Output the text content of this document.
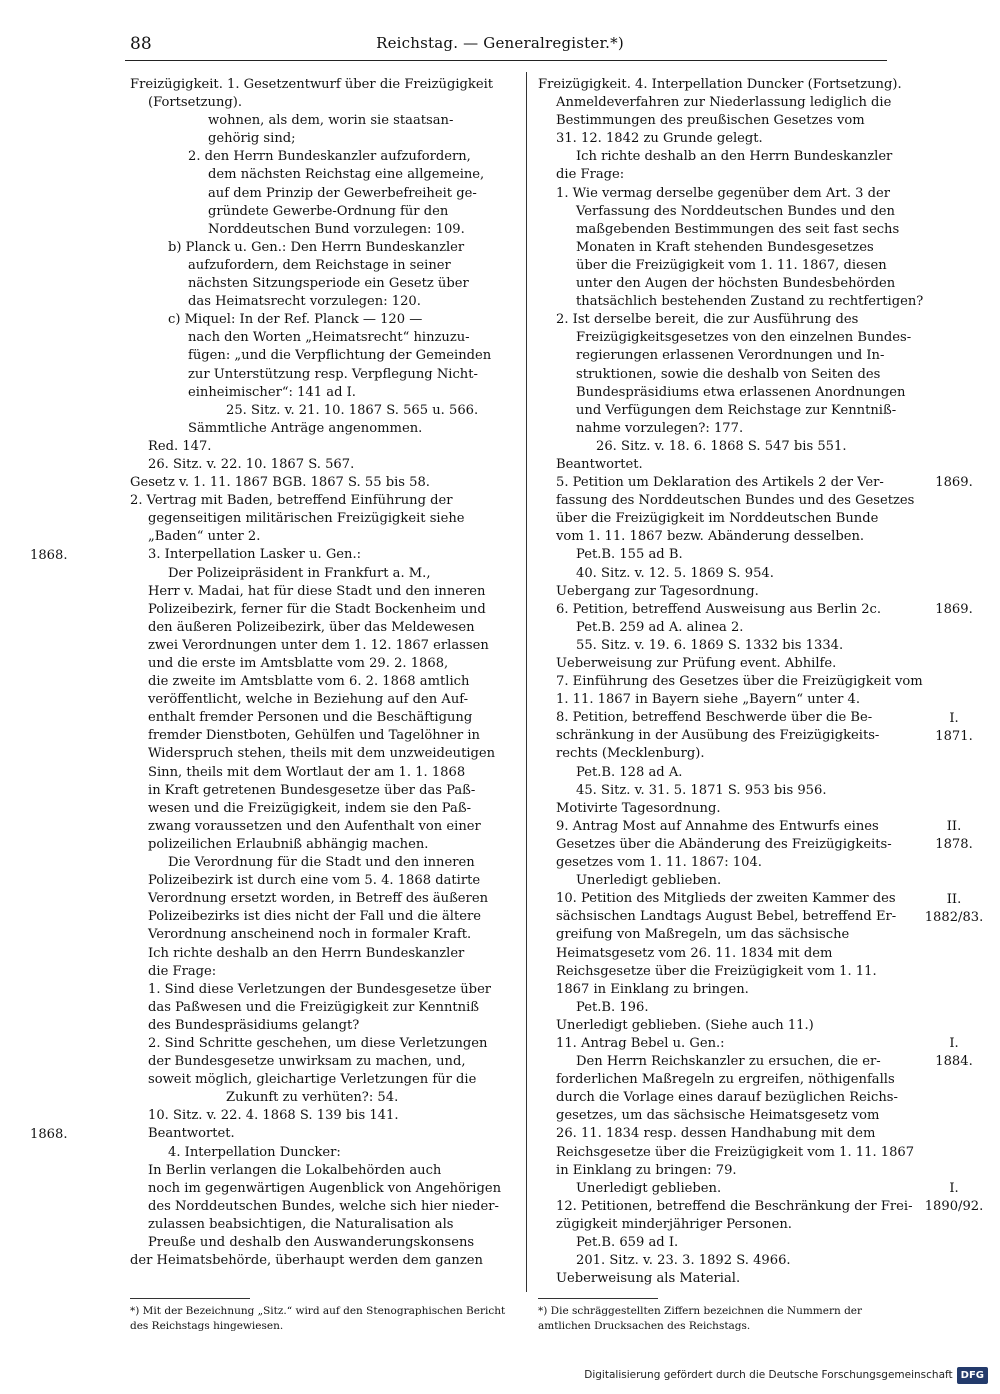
88	Reichstag. — Generalregister.*)
Freizügigkeit. 1. Gesetzentwurf über die Freizügigkeit
(Fortsetzung).
wohnen, als dem, worin sie staatsan-
gehörig sind;
2. den Herrn Bundeskanzler aufzufordern,
dem nächsten Reichstag eine allgemeine,
auf dem Prinzip der Gewerbefreiheit ge-
gründete Gewerbe-Ordnung für den
Norddeutschen Bund vorzulegen: 109.
b) Planck u. Gen.: Den Herrn Bundeskanzler
aufzufordern, dem Reichstage in seiner
nächsten Sitzungsperiode ein Gesetz über
das Heimatsrecht vorzulegen: 120.
c) Miquel: In der Ref. Planck — 120 —
nach den Worten „Heimatsrecht“ hinzuzu-
fügen: „und die Verpflichtung der Gemeinden
zur Unterstützung resp. Verpflegung Nicht-
einheimischer“: 141 ad I.
25. Sitz. v. 21. 10. 1867 S. 565 u. 566.
Sämmtliche Anträge angenommen.
Red. 147.
26. Sitz. v. 22. 10. 1867 S. 567.
Gesetz v. 1. 11. 1867 BGB. 1867 S. 55 bis 58.
2. Vertrag mit Baden, betreffend Einführung der
gegenseitigen militärischen Freizügigkeit siehe
„Baden“ unter 2.
3. Interpellation Lasker u. Gen.:
Der Polizeipräsident in Frankfurt a. M.,
Herr v. Madai, hat für diese Stadt und den inneren
Polizeibezirk, ferner für die Stadt Bockenheim und
den äußeren Polizeibezirk, über das Meldewesen
zwei Verordnungen unter dem 1. 12. 1867 erlassen
und die erste im Amtsblatte vom 29. 2. 1868,
die zweite im Amtsblatte vom 6. 2. 1868 amtlich
veröffentlicht, welche in Beziehung auf den Auf-
enthalt fremder Personen und die Beschäftigung
fremder Dienstboten, Gehülfen und Tagelöhner in
Widerspruch stehen, theils mit dem unzweideutigen
Sinn, theils mit dem Wortlaut der am 1. 1. 1868
in Kraft getretenen Bundesgesetze über das Paß-
wesen und die Freizügigkeit, indem sie den Paß-
zwang voraussetzen und den Aufenthalt von einer
polizeilichen Erlaubniß abhängig machen.
Die Verordnung für die Stadt und den inneren
Polizeibezirk ist durch eine vom 5. 4. 1868 datirte
Verordnung ersetzt worden, in Betreff des äußeren
Polizeibezirks ist dies nicht der Fall und die ältere
Verordnung anscheinend noch in formaler Kraft.
Ich richte deshalb an den Herrn Bundeskanzler
die Frage:
1. Sind diese Verletzungen der Bundesgesetze über
das Paßwesen und die Freizügigkeit zur Kenntniß
des Bundespräsidiums gelangt?
2. Sind Schritte geschehen, um diese Verletzungen
der Bundesgesetze unwirksam zu machen, und,
soweit möglich, gleichartige Verletzungen für die
Zukunft zu verhüten?: 54.
10. Sitz. v. 22. 4. 1868 S. 139 bis 141.
Beantwortet.
4. Interpellation Duncker:
In Berlin verlangen die Lokalbehörden auch
noch im gegenwärtigen Augenblick von Angehörigen
des Norddeutschen Bundes, welche sich hier nieder-
zulassen beabsichtigen, die Naturalisation als
Preuße und deshalb den Auswanderungskonsens
der Heimatsbehörde, überhaupt werden dem ganzen
Freizügigkeit. 4. Interpellation Duncker (Fortsetzung).
Anmeldeverfahren zur Niederlassung lediglich die
Bestimmungen des preußischen Gesetzes vom
31. 12. 1842 zu Grunde gelegt.
Ich richte deshalb an den Herrn Bundeskanzler
die Frage:
1. Wie vermag derselbe gegenüber dem Art. 3 der
Verfassung des Norddeutschen Bundes und den
maßgebenden Bestimmungen des seit fast sechs
Monaten in Kraft stehenden Bundesgesetzes
über die Freizügigkeit vom 1. 11. 1867, diesen
unter den Augen der höchsten Bundesbehörden
thatsächlich bestehenden Zustand zu rechtfertigen?
2. Ist derselbe bereit, die zur Ausführung des
Freizügigkeitsgesetzes von den einzelnen Bundes-
regierungen erlassenen Verordnungen und In-
struktionen, sowie die deshalb von Seiten des
Bundespräsidiums etwa erlassenen Anordnungen
und Verfügungen dem Reichstage zur Kenntniß-
nahme vorzulegen?: 177.
26. Sitz. v. 18. 6. 1868 S. 547 bis 551.
Beantwortet.
5. Petition um Deklaration des Artikels 2 der Ver-
fassung des Norddeutschen Bundes und des Gesetzes
über die Freizügigkeit im Norddeutschen Bunde
vom 1. 11. 1867 bezw. Abänderung desselben.
Pet.B. 155 ad B.
40. Sitz. v. 12. 5. 1869 S. 954.
Uebergang zur Tagesordnung.
6. Petition, betreffend Ausweisung aus Berlin 2c.
Pet.B. 259 ad A. alinea 2.
55. Sitz. v. 19. 6. 1869 S. 1332 bis 1334.
Ueberweisung zur Prüfung event. Abhilfe.
7. Einführung des Gesetzes über die Freizügigkeit vom
1. 11. 1867 in Bayern siehe „Bayern“ unter 4.
8. Petition, betreffend Beschwerde über die Be-
schränkung in der Ausübung des Freizügigkeits-
rechts (Mecklenburg).
Pet.B. 128 ad A.
45. Sitz. v. 31. 5. 1871 S. 953 bis 956.
Motivirte Tagesordnung.
9. Antrag Most auf Annahme des Entwurfs eines
Gesetzes über die Abänderung des Freizügigkeits-
gesetzes vom 1. 11. 1867: 104.
Unerledigt geblieben.
10. Petition des Mitglieds der zweiten Kammer des
sächsischen Landtags August Bebel, betreffend Er-
greifung von Maßregeln, um das sächsische
Heimatsgesetz vom 26. 11. 1834 mit dem
Reichsgesetze über die Freizügigkeit vom 1. 11.
1867 in Einklang zu bringen.
Pet.B. 196.
Unerledigt geblieben. (Siehe auch 11.)
11. Antrag Bebel u. Gen.:
Den Herrn Reichskanzler zu ersuchen, die er-
forderlichen Maßregeln zu ergreifen, nöthigenfalls
durch die Vorlage eines darauf bezüglichen Reichs-
gesetzes, um das sächsische Heimatsgesetz vom
26. 11. 1834 resp. dessen Handhabung mit dem
Reichsgesetze über die Freizügigkeit vom 1. 11. 1867
in Einklang zu bringen: 79.
Unerledigt geblieben.
12. Petitionen, betreffend die Beschränkung der Frei-
zügigkeit minderjähriger Personen.
Pet.B. 659 ad I.
201. Sitz. v. 23. 3. 1892 S. 4966.
Ueberweisung als Material.
1868.
1868.
1869.
1869.
I.
1871.
II.
1878.
II.
1882/83.
I.
1884.
I.
1890/92.
*) Mit der Bezeichnung „Sitz.“ wird auf den Stenographischen Bericht des Reichstags hingewiesen.
*) Die schräggestellten Ziffern bezeichnen die Nummern der amtlichen Drucksachen des Reichstags.
Digitalisierung gefördert durch die Deutsche Forschungsgemeinschaft DFG
